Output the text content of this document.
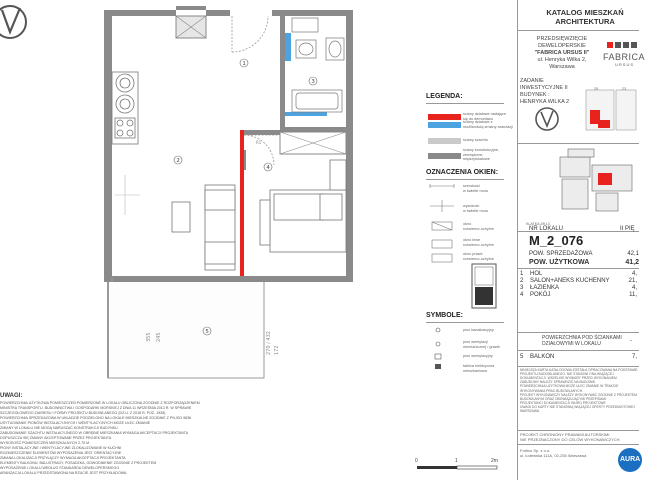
355 245	270 / 432 172
1
2
3
4
5
R1
0	1	2m
LEGENDA:
ściany działowe nadające
się do demontażu
ściany działowe z
możliwością zmiany aranżacji
ściany szachtu
ściany konstrukcyjne,
zewnętrzne,
międzylokalowe
OZNACZENIA OKIEN:
szerokość
w świetle muru
wysokość
w świetle muru
okno
rozwierno-uchylne
okno lewe
rozwierno-uchylne
okno prawe
rozwierno-uchylne
SYMBOLE:
pion kanalizacyjny
pion wentylacji
mechanicznej / grawit.
pion wentylacyjny
tablica elektryczna
mieszkaniowa
KATALOG MIESZKAŃ
ARCHITEKTURA
PRZEDSIĘWZIĘCIE
DEWELOPERSKIE
"FABRICA URSUS II"
ul. Henryka Wilka 2,
Warszawa
FABRICA
URSUS
ZADANIE
INWESTYCYJNE II
BUDYNEK :
HENRYKA WILKA 2
25	23
KLATKA 2/KL3
NR LOKALU	II PIĘ
M_2_076
POW. SPRZEDAŻOWA	42,1
POW. UŻYTKOWA	41,2
1	HOL	4,
2	SALON+ANEKS KUCHENNY	21,
3	ŁAZIENKA	4,
4	POKÓJ	11,
POWIERZCHNIA POD ŚCIANKAMI
DZIAŁOWYMI W LOKALU	-
5	BALKON	7,
NINIEJSZA KARTA KATALOGOWA ZOSTAŁA OPRACOWANA NA PODSTAWIE
PROJEKTU BUDOWLANEGO. NIE STANOWI ONA WIĄŻĄCEJ
DOKUMENTACJI. WSZELKIE WYMIARY PRZED WYKONANIEM
ZABUDOWY NALEŻY SPRAWDZIĆ NA BUDOWIE.
POWIERZCHNIA UŻYTKOWA MOŻE ULEC ZMIANIE W TRAKCIE
WYKONYWANIA PRAC BUDOWLANYCH.
PROJEKT WYKONAWCZY NALEŻY WYKONYWAĆ ZGODNIE Z PROJEKTEM
BUDOWLANYM ORAZ OBOWIĄZUJĄCYMI PRZEPISAMI.
PROJEKTANCI DOKUMENTACJI: BIURO PROJEKTOWE
UWAGI DO KARTY NIE STANOWIĄ WIĄŻĄCEJ OFERTY PRZEDMIOTOWEJ
WARSZAWA
PROJEKT CHRONIONY PRAWAMI AUTORSKIMI
NIE PRZEZNACZONY DO CELÓW WYKONAWCZYCH
Fortico Sp. z o.o.
ul. Łotewska 111A, 02-255 Warszawa
AURA
UWAGI:
POWIERZCHNIA UŻYTKOWA POMIESZCZEŃ POMIERZONE W LOKALU OBLICZONA ZGODNIE Z ROZPORZĄDZENIEM
MINISTRA TRANSPORTU, BUDOWNICTWA I GOSPODARKI MORSKIEJ Z DNIA 11 WRZEŚNIA 2013 R. W SPRAWIE
SZCZEGÓŁOWEGO ZAKRESU I FORMY PROJEKTU BUDOWLANEGO (DZ.U. Z 2018 R. POZ. 1935).
POWIERZCHNIA SPRZEDAŻOWA W UKŁADZIE PODZIELONO NA LOKALE MIESZKALNE ZGODNIE Z PN-ISO 9836
USYTUOWANIE PIONÓW INSTALACYJNYCH I WENTYLACYJNYCH MOŻE ULEC ZMIANIE
ZMIANY W LOKALU NIE MOGĄ NARUSZAĆ KONSTRUKCJI BUDYNKU
ZABUDOWANIE SZACHTU INSTALACYJNEGO W OBRĘBIE MIESZKANIA WYMAGA AKCEPTACJI PROJEKTANTA
DOPUSZCZA SIĘ ZMIANY AKCEPTOWANE PRZEZ PROJEKTANTA
WYSOKOŚĆ POMIESZCZEŃ MIESZKALNYCH 2,70 M
PIONY INSTALACYJNE I WENTYLACYJNE ZLOKALIZOWANE W KUCHNI
ROZMIESZCZENIE ELEMENTÓW WYPOSAŻENIA JEST ORIENTACYJNE
ZMIANA LOKALIZACJI PRZYŁĄCZY WYMAGA AKCEPTACJI PROJEKTANTA
ELEMENTY BALKONU: BALUSTRADY, POSADZKA, ODWODNIENIE ZGODNIE Z PROJEKTEM
WYPOSAŻENIE LOKALU WEDŁUG STANDARDU DEWELOPERSKIEGO
ARANŻACJA LOKALU PRZEDSTAWIONA NA RZUCIE JEST PRZYKŁADOWA
